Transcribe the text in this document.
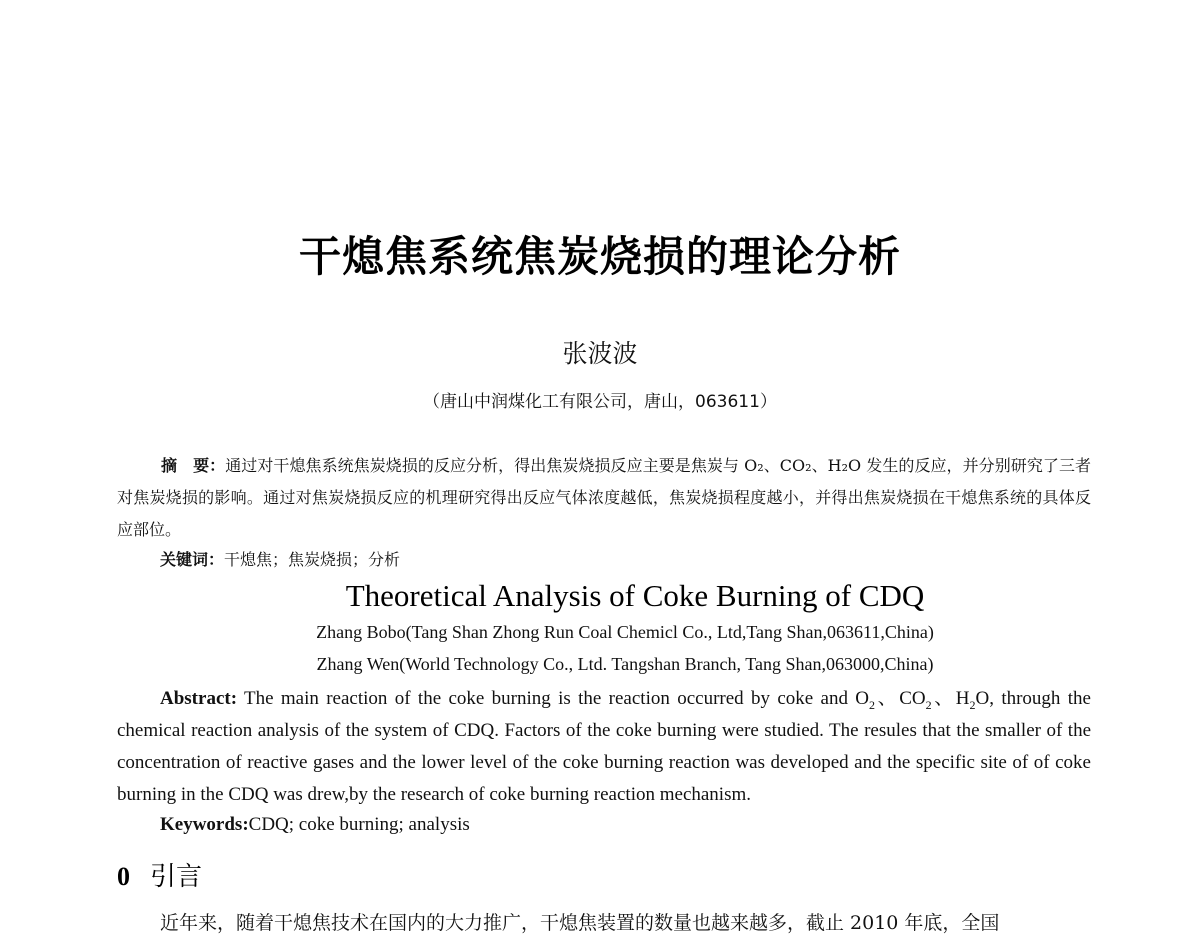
干熄焦系统焦炭烧损的理论分析
张波波
（唐山中润煤化工有限公司，唐山，063611）

摘　要：通过对干熄焦系统焦炭烧损的反应分析，得出焦炭烧损反应主要是焦炭与 O₂、CO₂、H₂O 发生的反应，并分别研究了三者对焦炭烧损的影响。通过对焦炭烧损反应的机理研究得出反应气体浓度越低，焦炭烧损程度越小，并得出焦炭烧损在干熄焦系统的具体反应部位。

关键词：干熄焦；焦炭烧损；分析

Theoretical Analysis of Coke Burning of CDQ
Zhang Bobo(Tang Shan Zhong Run Coal Chemicl Co., Ltd,Tang Shan,063611,China)
Zhang Wen(World Technology Co., Ltd. Tangshan Branch, Tang Shan,063000,China)

Abstract: The main reaction of the coke burning is the reaction occurred by coke and $O_2$、$CO_2$、$H_2O$, through the chemical reaction analysis of the system of CDQ. Factors of the coke burning were studied. The resules that the smaller of the concentration of reactive gases and the lower level of the coke burning reaction was developed and the specific site of of coke burning in the CDQ was drew,by the research of coke burning reaction mechanism.

Keywords:CDQ; coke burning; analysis

0 引言

近年来，随着干熄焦技术在国内的大力推广，干熄焦装置的数量也越来越多，截止 2010 年底，全国
